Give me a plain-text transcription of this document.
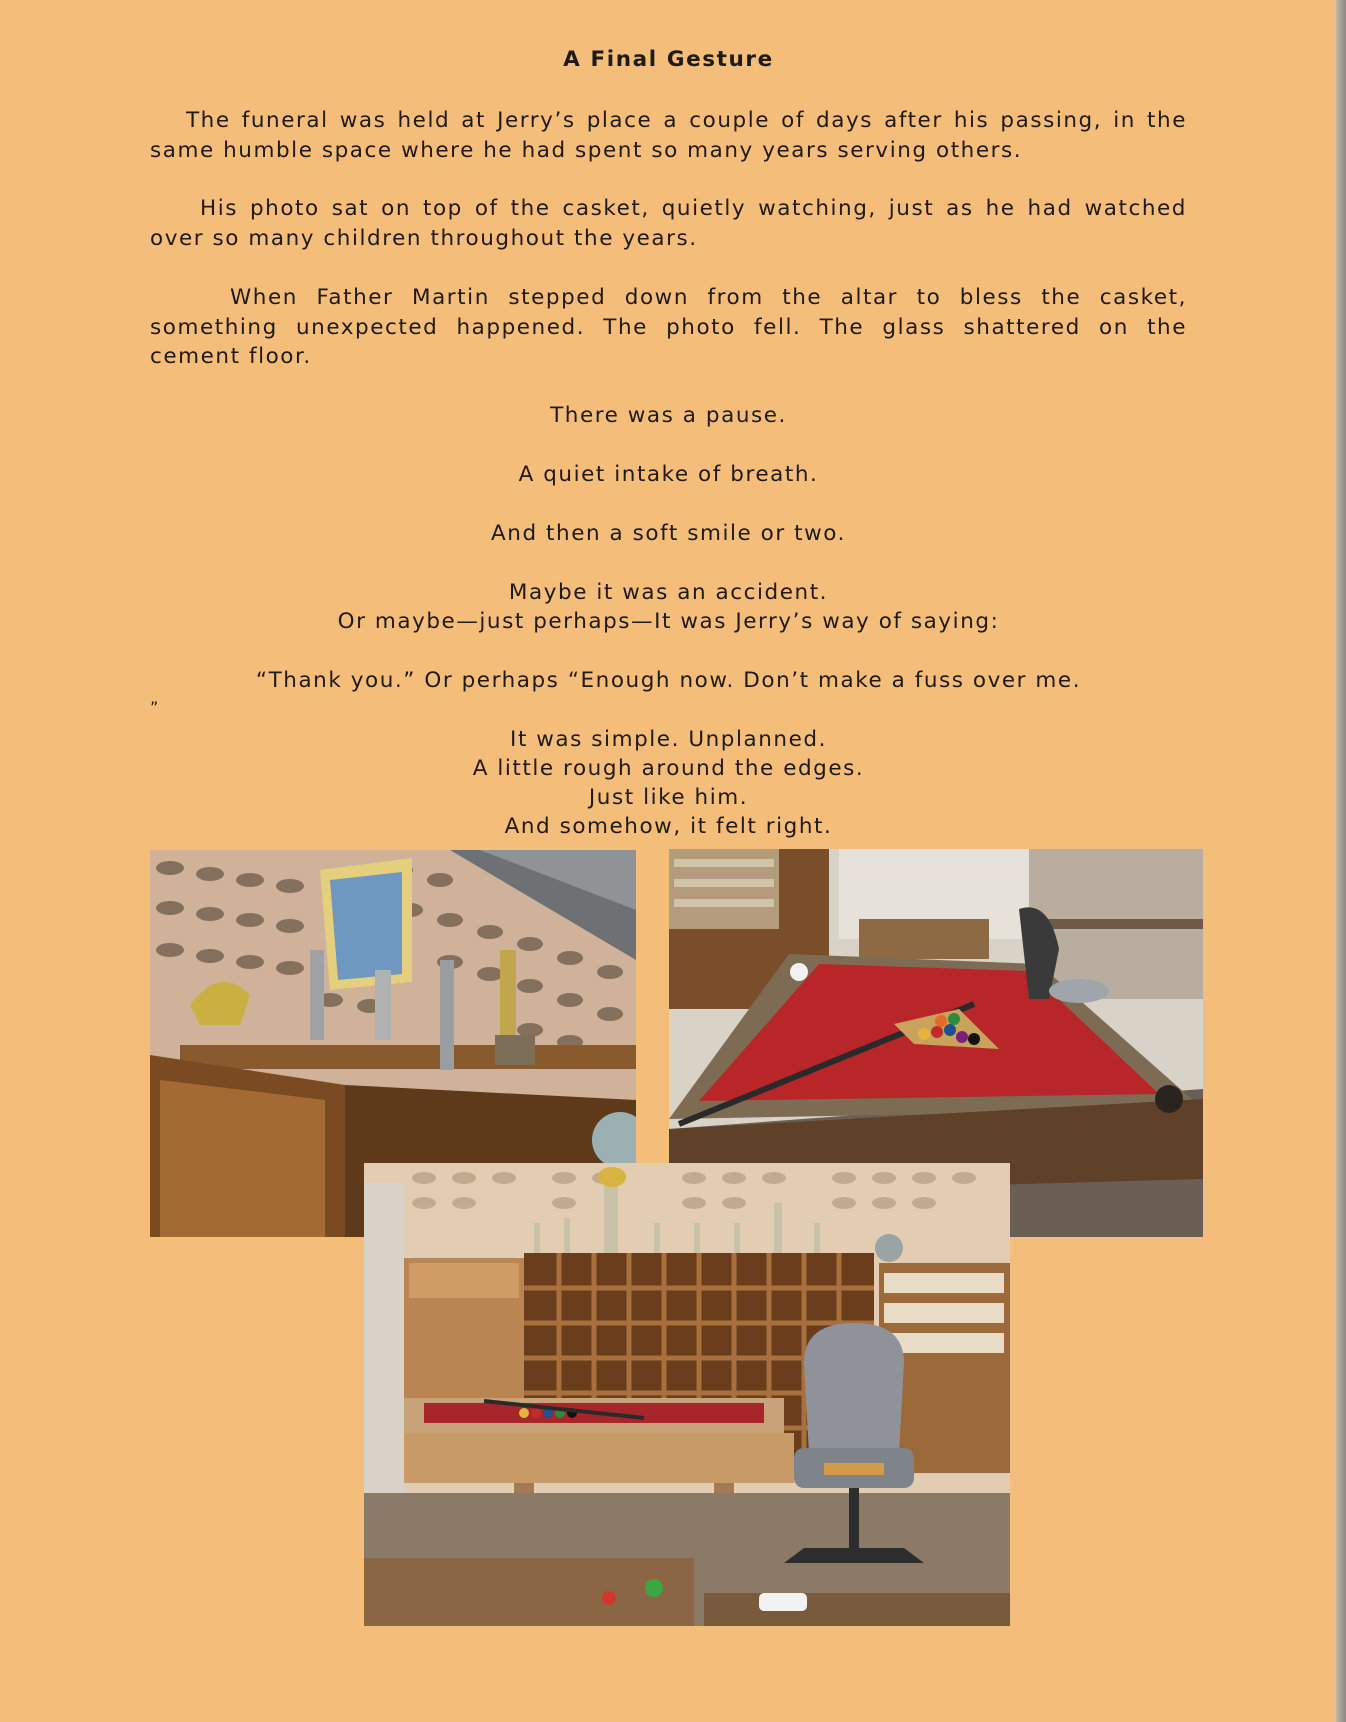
A Final Gesture

The funeral was held at Jerry’s place a couple of days after his passing, in the same humble space where he had spent so many years serving others.

His photo sat on top of the casket, quietly watching, just as he had watched over so many children throughout the years.

When Father Martin stepped down from the altar to bless the casket, something unexpected happened. The photo fell. The glass shattered on the cement floor.

There was a pause.

A quiet intake of breath.

And then a soft smile or two.

Maybe it was an accident.

Or maybe—just perhaps—It was Jerry’s way of saying:

“Thank you.” Or perhaps “Enough now. Don’t make a fuss over me.

”

It was simple. Unplanned.

A little rough around the edges.

Just like him.

And somehow, it felt right.
